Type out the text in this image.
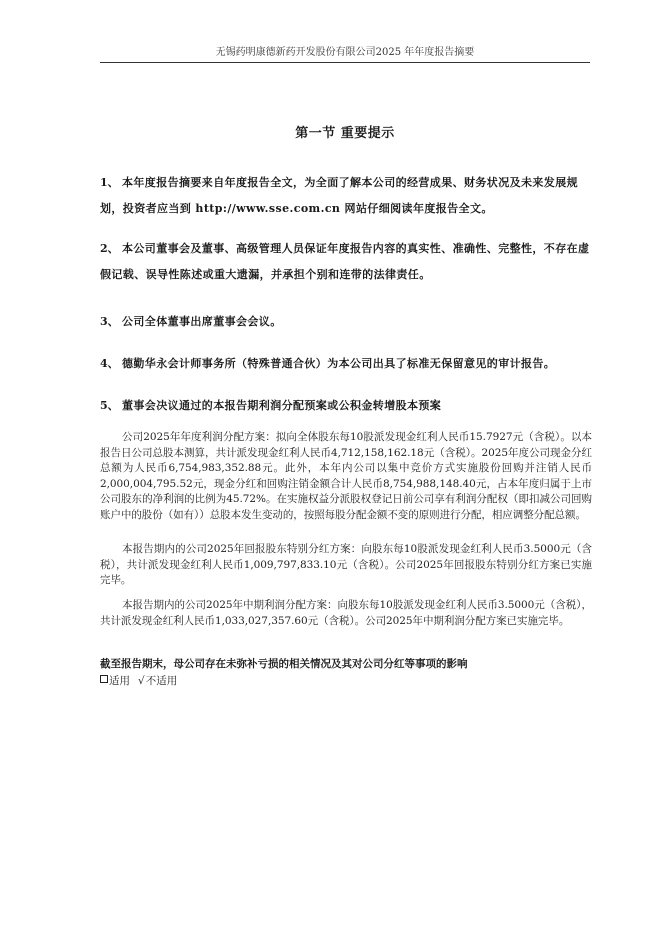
无锡药明康德新药开发股份有限公司2025 年年度报告摘要
第一节 重要提示
1、 本年度报告摘要来自年度报告全文，为全面了解本公司的经营成果、财务状况及未来发展规划，投资者应当到 http://www.sse.com.cn 网站仔细阅读年度报告全文。
2、 本公司董事会及董事、高级管理人员保证年度报告内容的真实性、准确性、完整性，不存在虚假记载、误导性陈述或重大遗漏，并承担个别和连带的法律责任。
3、 公司全体董事出席董事会会议。
4、 德勤华永会计师事务所（特殊普通合伙）为本公司出具了标准无保留意见的审计报告。
5、 董事会决议通过的本报告期利润分配预案或公积金转增股本预案
公司2025年年度利润分配方案：拟向全体股东每10股派发现金红利人民币15.7927元（含税）。以本报告日公司总股本测算，共计派发现金红利人民币4,712,158,162.18元（含税）。2025年度公司现金分红总额为人民币6,754,983,352.88元。此外，本年内公司以集中竞价方式实施股份回购并注销人民币2,000,004,795.52元，现金分红和回购注销金额合计人民币8,754,988,148.40元，占本年度归属于上市公司股东的净利润的比例为45.72%。在实施权益分派股权登记日前公司享有利润分配权（即扣减公司回购账户中的股份（如有））总股本发生变动的，按照每股分配金额不变的原则进行分配，相应调整分配总额。
本报告期内的公司2025年回报股东特别分红方案：向股东每10股派发现金红利人民币3.5000元（含税），共计派发现金红利人民币1,009,797,833.10元（含税）。公司2025年回报股东特别分红方案已实施完毕。
本报告期内的公司2025年中期利润分配方案：向股东每10股派发现金红利人民币3.5000元（含税），共计派发现金红利人民币1,033,027,357.60元（含税）。公司2025年中期利润分配方案已实施完毕。
截至报告期末，母公司存在未弥补亏损的相关情况及其对公司分红等事项的影响
适用 √不适用
